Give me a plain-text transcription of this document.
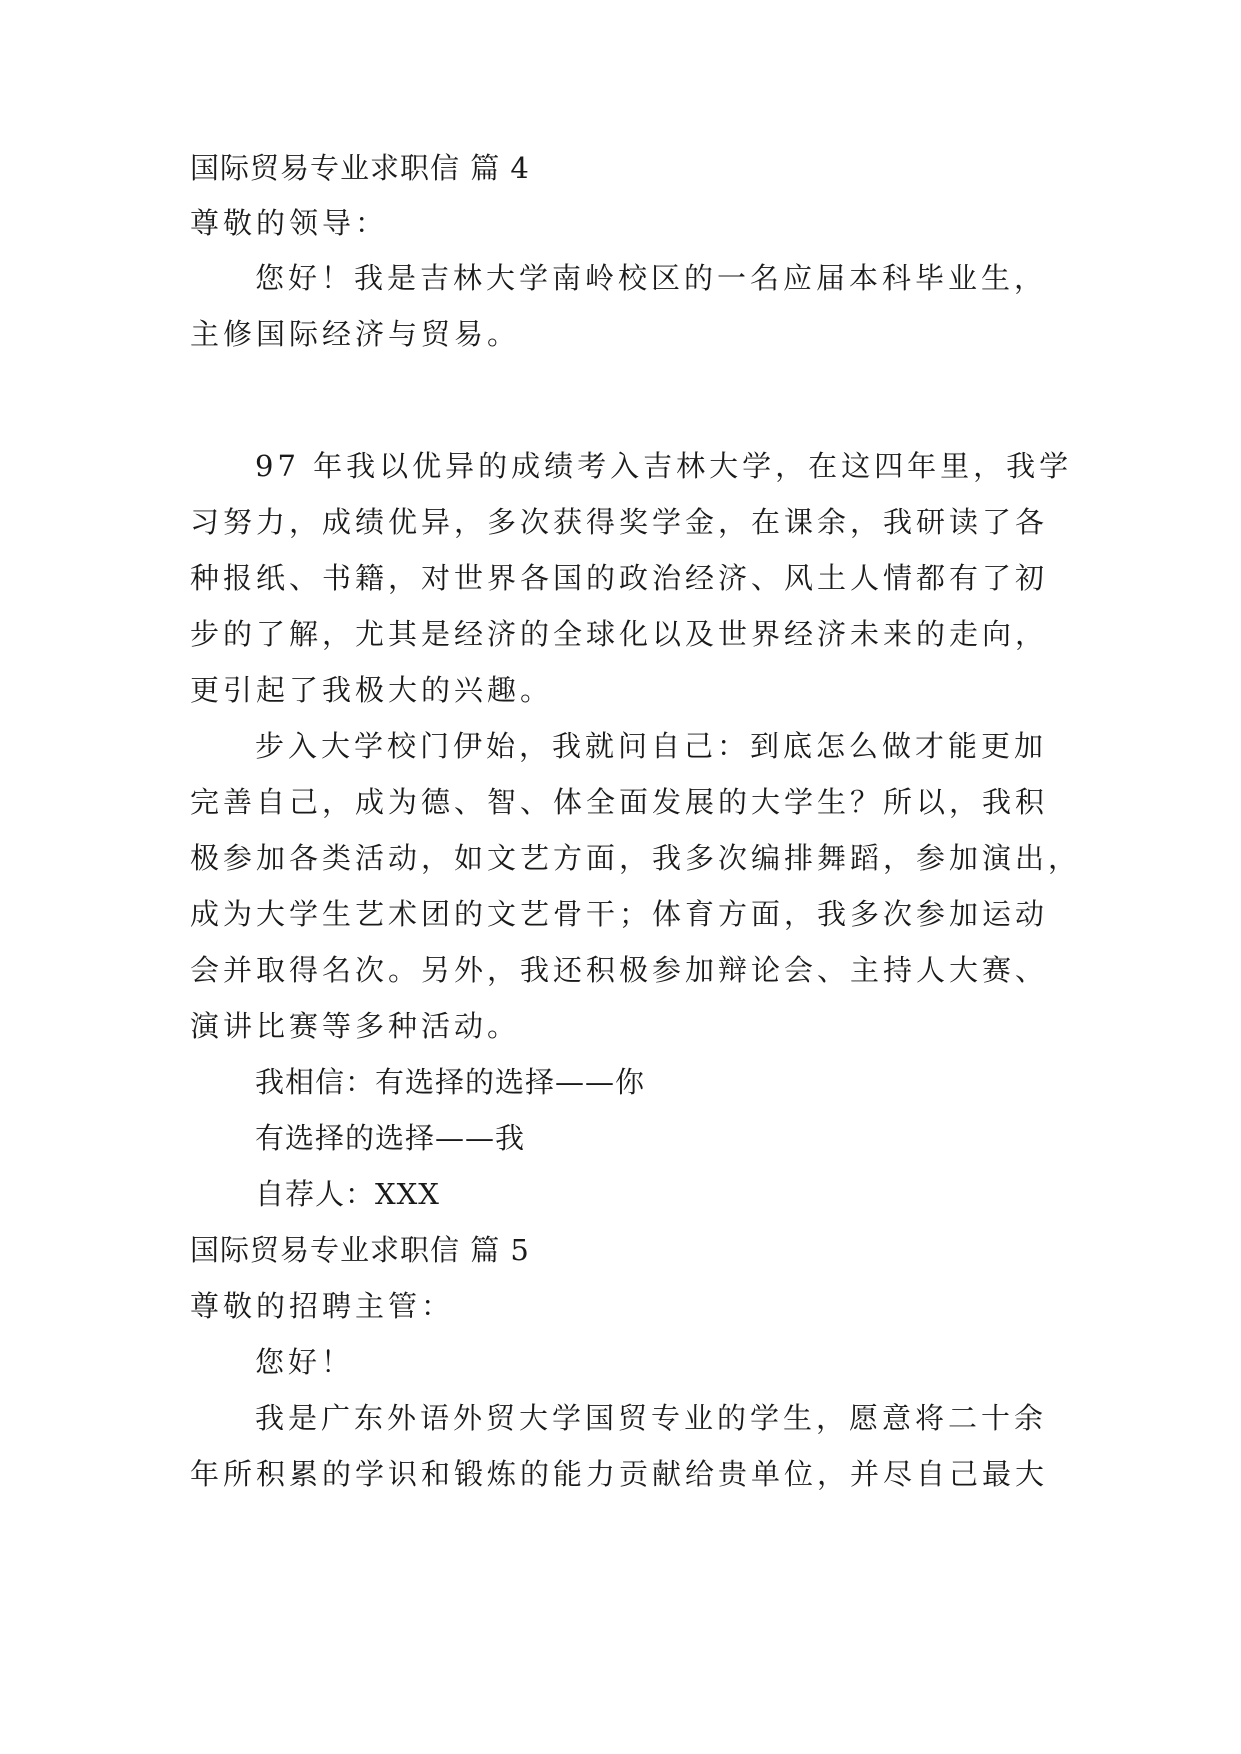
国际贸易专业求职信 篇 4
尊敬的领导：
您好！我是吉林大学南岭校区的一名应届本科毕业生，
主修国际经济与贸易。
97 年我以优异的成绩考入吉林大学，在这四年里，我学
习努力，成绩优异，多次获得奖学金，在课余，我研读了各
种报纸、书籍，对世界各国的政治经济、风土人情都有了初
步的了解，尤其是经济的全球化以及世界经济未来的走向，
更引起了我极大的兴趣。
步入大学校门伊始，我就问自己：到底怎么做才能更加
完善自己，成为德、智、体全面发展的大学生？所以，我积
极参加各类活动，如文艺方面，我多次编排舞蹈，参加演出，
成为大学生艺术团的文艺骨干；体育方面，我多次参加运动
会并取得名次。另外，我还积极参加辩论会、主持人大赛、
演讲比赛等多种活动。
我相信：有选择的选择——你
有选择的选择——我
自荐人：XXX
国际贸易专业求职信 篇 5
尊敬的招聘主管：
您好！
我是广东外语外贸大学国贸专业的学生，愿意将二十余
年所积累的学识和锻炼的能力贡献给贵单位，并尽自己最大
